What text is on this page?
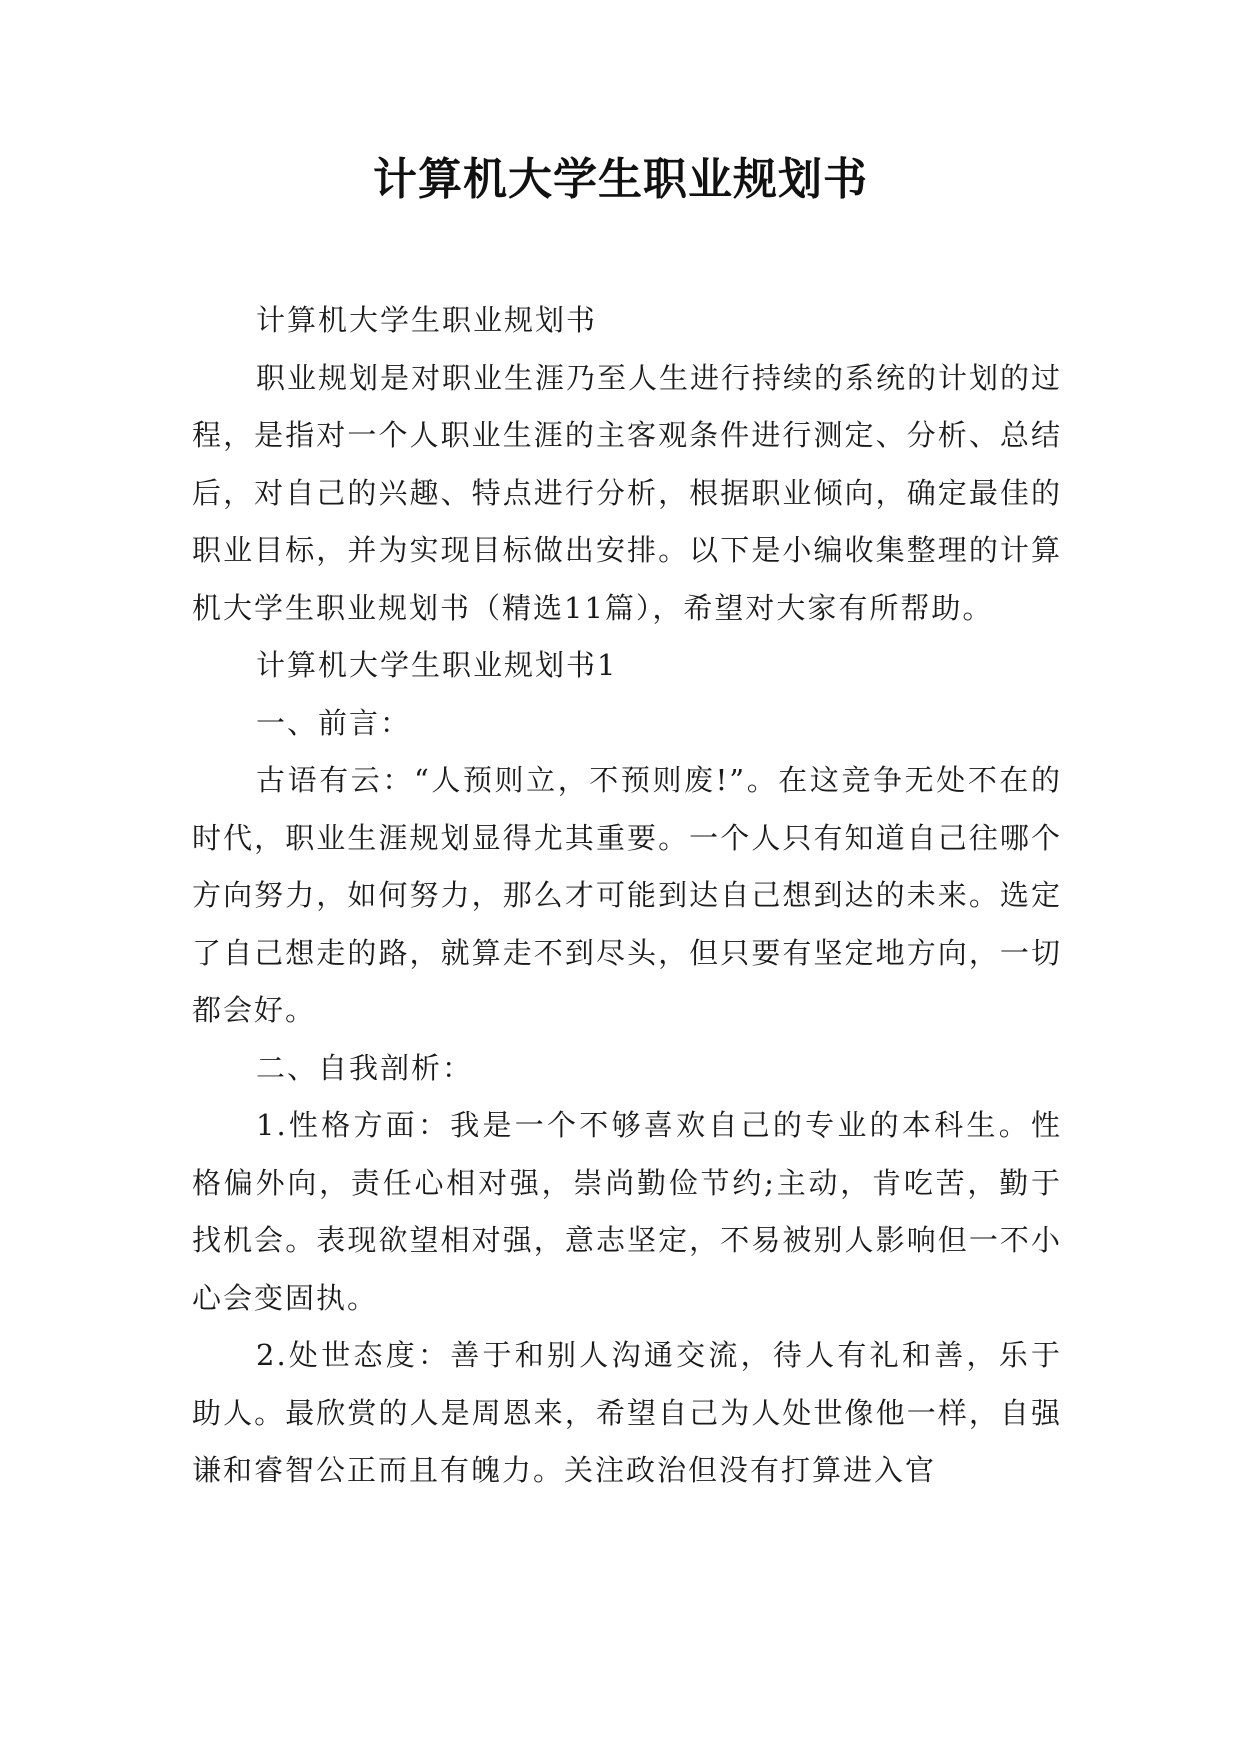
计算机大学生职业规划书

计算机大学生职业规划书

职业规划是对职业生涯乃至人生进行持续的系统的计划的过程，是指对一个人职业生涯的主客观条件进行测定、分析、总结后，对自己的兴趣、特点进行分析，根据职业倾向，确定最佳的职业目标，并为实现目标做出安排。以下是小编收集整理的计算机大学生职业规划书（精选11篇），希望对大家有所帮助。

计算机大学生职业规划书1

一、前言：

古语有云：“人预则立，不预则废!”。在这竞争无处不在的时代，职业生涯规划显得尤其重要。一个人只有知道自己往哪个方向努力，如何努力，那么才可能到达自己想到达的未来。选定了自己想走的路，就算走不到尽头，但只要有坚定地方向，一切都会好。

二、自我剖析：

1.性格方面：我是一个不够喜欢自己的专业的本科生。性格偏外向，责任心相对强，崇尚勤俭节约;主动，肯吃苦，勤于找机会。表现欲望相对强，意志坚定，不易被别人影响但一不小心会变固执。

2.处世态度：善于和别人沟通交流，待人有礼和善，乐于助人。最欣赏的人是周恩来，希望自己为人处世像他一样，自强谦和睿智公正而且有魄力。关注政治但没有打算进入官
